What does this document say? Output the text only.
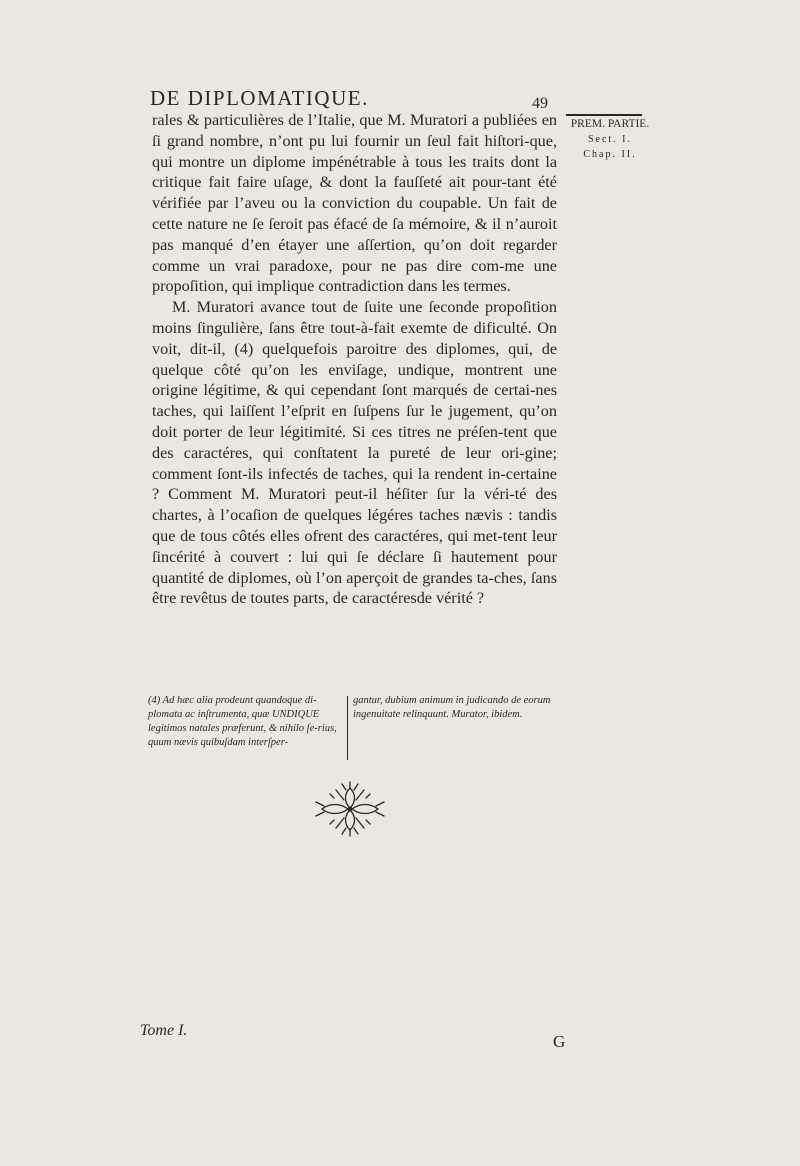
DE DIPLOMATIQUE.	49
PREM. PARTIE.
Sect. I.
Chap. II.

rales & particulières de l’Italie, que M. Muratori a publiées en ſi grand nombre, n’ont pu lui fournir un ſeul fait hiſtori-que, qui montre un diplome impénétrable à tous les traits dont la critique fait faire uſage, & dont la fauſſeté ait pour-tant été vérifiée par l’aveu ou la conviction du coupable. Un fait de cette nature ne ſe ſeroit pas éfacé de ſa mémoire, & il n’auroit pas manqué d’en étayer une aſſertion, qu’on doit regarder comme un vrai paradoxe, pour ne pas dire com-me une propoſition, qui implique contradiction dans les termes.

M. Muratori avance tout de ſuite une ſeconde propoſition moins ſingulière, ſans être tout-à-fait exemte de dificulté. On voit, dit-il, (4) quelquefois paroitre des diplomes, qui, de quelque côté qu’on les enviſage, undique, montrent une origine légitime, & qui cependant ſont marqués de certai-nes taches, qui laiſſent l’eſprit en ſuſpens ſur le jugement, qu’on doit porter de leur légitimité. Si ces titres ne préſen-tent que des caractéres, qui conſtatent la pureté de leur ori-gine; comment ſont-ils infectés de taches, qui la rendent in-certaine ? Comment M. Muratori peut-il héſiter ſur la véri-té des chartes, à l’ocaſion de quelques légéres taches nævis : tandis que de tous côtés elles ofrent des caractéres, qui met-tent leur ſincérité à couvert : lui qui ſe déclare ſi hautement pour quantité de diplomes, où l’on aperçoit de grandes ta-ches, ſans être revêtus de toutes parts, de caractéresde vérité ?

(4) Ad hæc alia prodeunt quandoque di-plomata ac inſtrumenta, quæ UNDIQUE legitimos natales præferunt, & nihilo ſe-rius, quum nævis quibuſdam interſper-
gantur, dubium animum in judicando de eorum ingenuitate relinquunt. Murator, ibidem.
Tome I.
G
